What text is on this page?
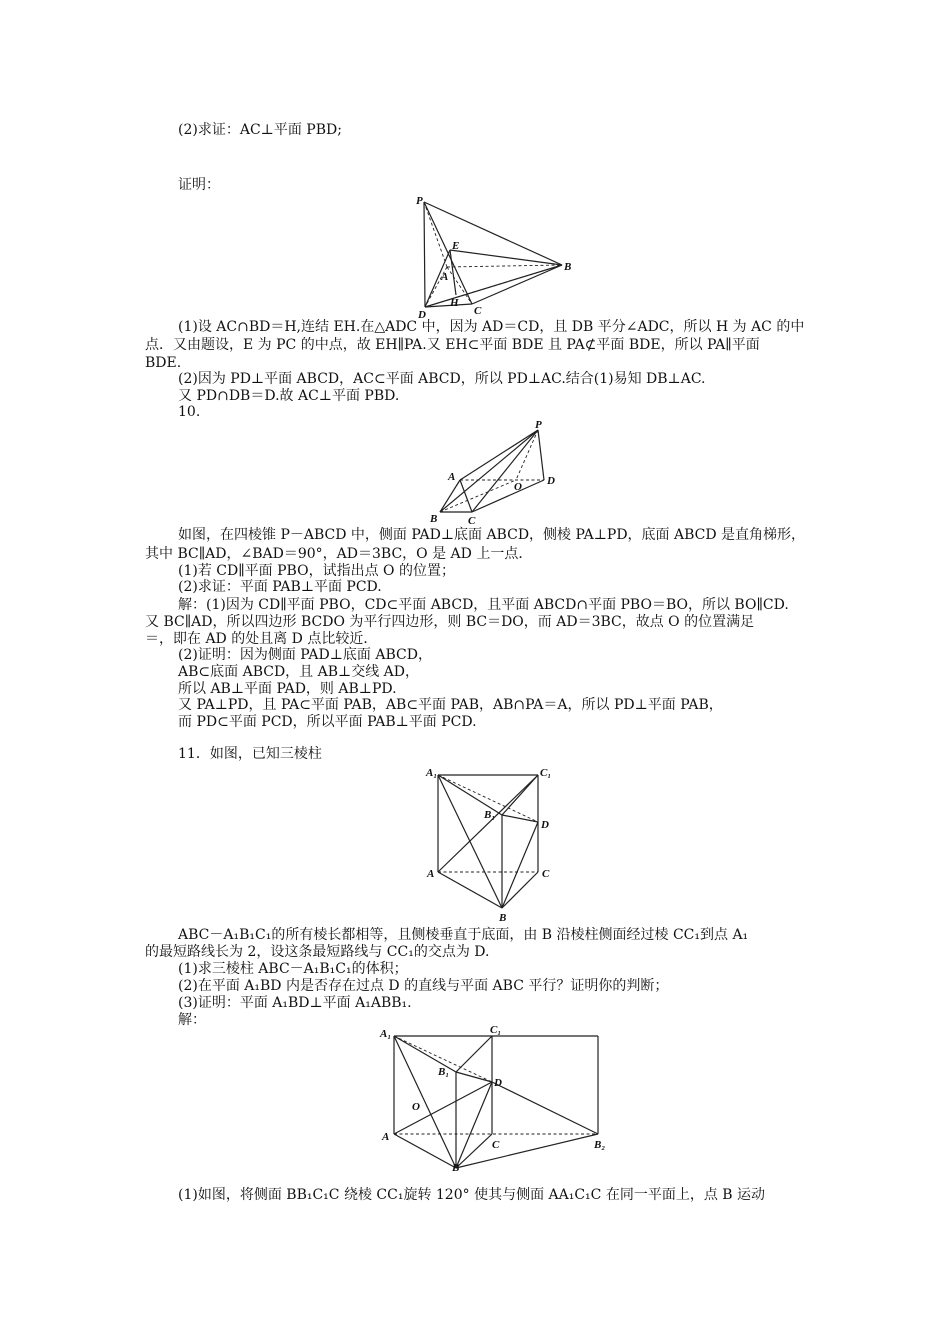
(2)求证：AC⊥平面 PBD;
证明：
P
E
A
B
D
H
C
(1)设 AC∩BD＝H,连结 EH.在△ADC 中，因为 AD＝CD，且 DB 平分∠ADC，所以 H 为 AC 的中
点．又由题设，E 为 PC 的中点，故 EH∥PA.又 EH⊂平面 BDE 且 PA⊄平面 BDE，所以 PA∥平面
BDE.
(2)因为 PD⊥平面 ABCD，AC⊂平面 ABCD，所以 PD⊥AC.结合(1)易知 DB⊥AC.
又 PD∩DB＝D.故 AC⊥平面 PBD.
10.
P
A
O D
B	C
如图，在四棱锥 P－ABCD 中，侧面 PAD⊥底面 ABCD，侧棱 PA⊥PD，底面 ABCD 是直角梯形，
其中 BC∥AD，∠BAD＝90°，AD＝3BC，O 是 AD 上一点．
(1)若 CD∥平面 PBO，试指出点 O 的位置；
(2)求证：平面 PAB⊥平面 PCD.
解：(1)因为 CD∥平面 PBO，CD⊂平面 ABCD，且平面 ABCD∩平面 PBO＝BO，所以 BO∥CD.
又 BC∥AD，所以四边形 BCDO 为平行四边形，则 BC＝DO，而 AD＝3BC，故点 O 的位置满足
＝，即在 AD 的处且离 D 点比较近．
(2)证明：因为侧面 PAD⊥底面 ABCD，
AB⊂底面 ABCD，且 AB⊥交线 AD，
所以 AB⊥平面 PAD，则 AB⊥PD.
又 PA⊥PD，且 PA⊂平面 PAB，AB⊂平面 PAB，AB∩PA＝A，所以 PD⊥平面 PAB，
而 PD⊂平面 PCD，所以平面 PAB⊥平面 PCD.
11．如图，已知三棱柱
A₁	C₁
B₁
D
A	C
B
ABC－A₁B₁C₁的所有棱长都相等，且侧棱垂直于底面，由 B 沿棱柱侧面经过棱 CC₁到点 A₁
的最短路线长为 2，设这条最短路线与 CC₁的交点为 D.
(1)求三棱柱 ABC－A₁B₁C₁的体积；
(2)在平面 A₁BD 内是否存在过点 D 的直线与平面 ABC 平行？证明你的判断；
(3)证明：平面 A₁BD⊥平面 A₁ABB₁.
解：
A₁	C₁
B₁
D
O
A
C	B₂
B
(1)如图，将侧面 BB₁C₁C 绕棱 CC₁旋转 120° 使其与侧面 AA₁C₁C 在同一平面上，点 B 运动
